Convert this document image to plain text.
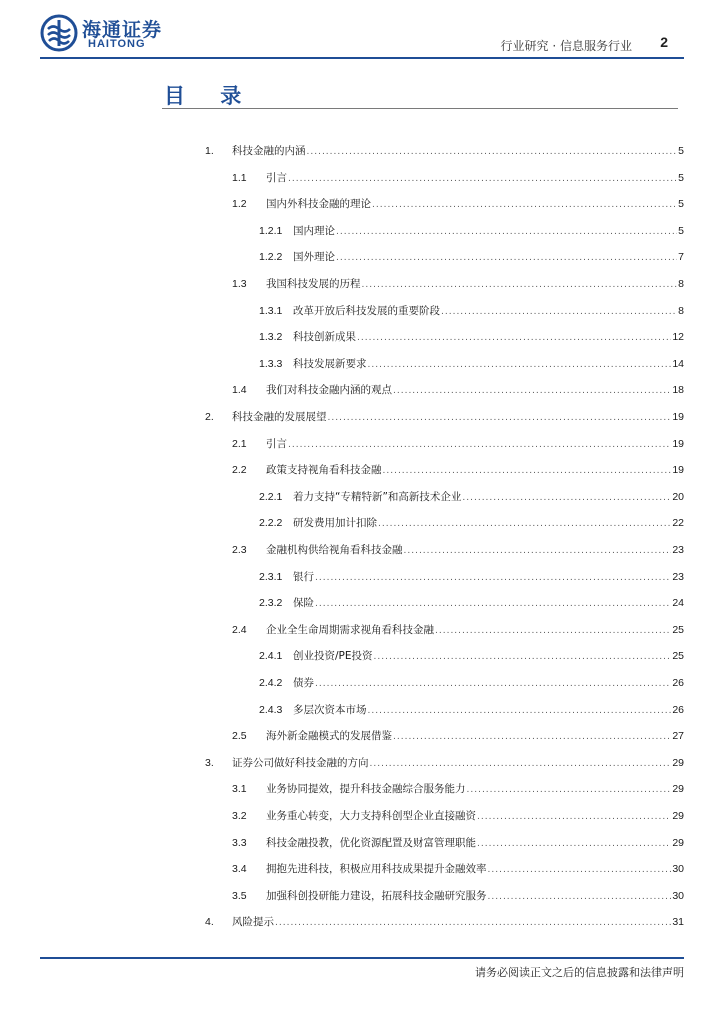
海通证券
HAITONG	行业研究 · 信息服务行业 2
目 录
1.	科技金融的内涵 .....	5
1.1	引言 .....	5
1.2	国内外科技金融的理论 .....	5
1.2.1	国内理论 .....	5
1.2.2	国外理论 .....	7
1.3	我国科技发展的历程 .....	8
1.3.1	改革开放后科技发展的重要阶段 .....	8
1.3.2	科技创新成果 .....	12
1.3.3	科技发展新要求 .....	14
1.4	我们对科技金融内涵的观点 .....	18
2.	科技金融的发展展望 .....	19
2.1	引言 .....	19
2.2	政策支持视角看科技金融 .....	19
2.2.1	着力支持“专精特新”和高新技术企业 .....	20
2.2.2	研发费用加计扣除 .....	22
2.3	金融机构供给视角看科技金融 .....	23
2.3.1	银行 .....	23
2.3.2	保险 .....	24
2.4	企业全生命周期需求视角看科技金融 .....	25
2.4.1	创业投资/PE投资 .....	25
2.4.2	债券 .....	26
2.4.3	多层次资本市场 .....	26
2.5	海外新金融模式的发展借鉴 .....	27
3.	证券公司做好科技金融的方向 .....	29
3.1	业务协同提效，提升科技金融综合服务能力 .....	29
3.2	业务重心转变，大力支持科创型企业直接融资 .....	29
3.3	科技金融投教，优化资源配置及财富管理职能 .....	29
3.4	拥抱先进科技，积极应用科技成果提升金融效率 .....	30
3.5	加强科创投研能力建设，拓展科技金融研究服务 .....	30
4.	风险提示 .....	31
请务必阅读正文之后的信息披露和法律声明
